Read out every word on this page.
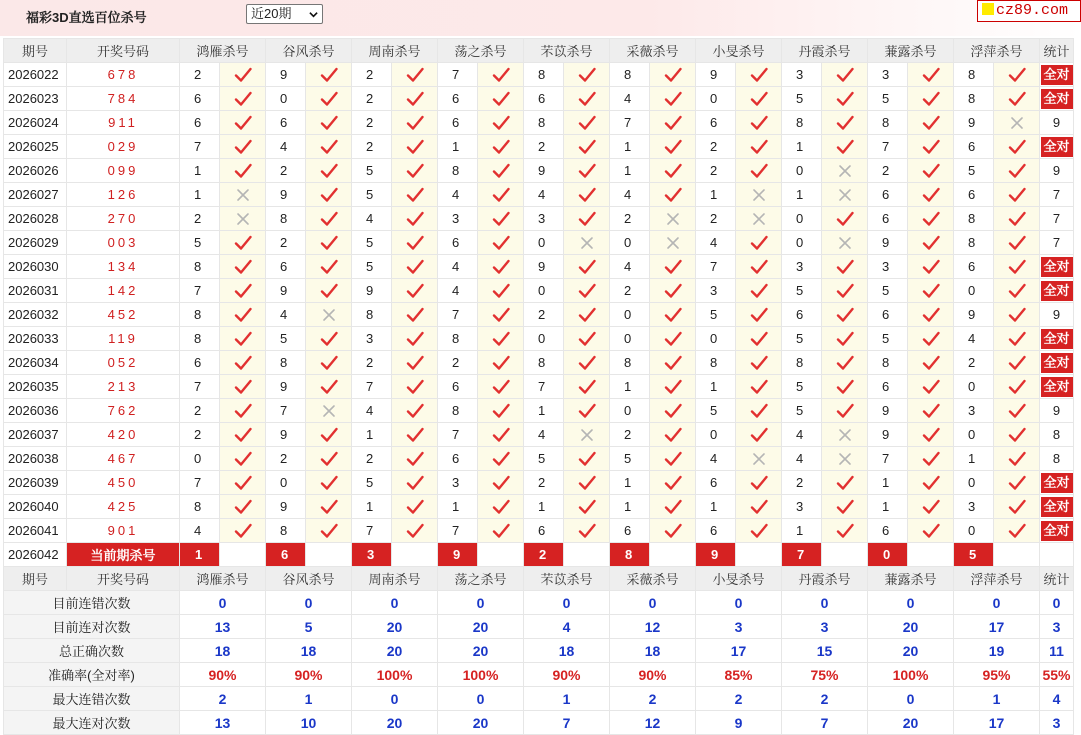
福彩3D直选百位杀号	近20期	cz89.com
期号	开奖号码	鸿雁杀号		谷风杀号		周南杀号		荡之杀号		芣苡杀号		采薇杀号		小旻杀号		丹霞杀号		蒹露杀号		浮萍杀号		统计
2026022	678	2		9		2		7		8		8		9		3		3		8		全对
2026023	784	6		0		2		6		6		4		0		5		5		8		全对
2026024	911	6		6		2		6		8		7		6		8		8		9		9
2026025	029	7		4		2		1		2		1		2		1		7		6		全对
2026026	099	1		2		5		8		9		1		2		0		2		5		9
2026027	126	1		9		5		4		4		4		1		1		6		6		7
2026028	270	2		8		4		3		3		2		2		0		6		8		7
2026029	003	5		2		5		6		0		0		4		0		9		8		7
2026030	134	8		6		5		4		9		4		7		3		3		6		全对
2026031	142	7		9		9		4		0		2		3		5		5		0		全对
2026032	452	8		4		8		7		2		0		5		6		6		9		9
2026033	119	8		5		3		8		0		0		0		5		5		4		全对
2026034	052	6		8		2		2		8		8		8		8		8		2		全对
2026035	213	7		9		7		6		7		1		1		5		6		0		全对
2026036	762	2		7		4		8		1		0		5		5		9		3		9
2026037	420	2		9		1		7		4		2		0		4		9		0		8
2026038	467	0		2		2		6		5		5		4		4		7		1		8
2026039	450	7		0		5		3		2		1		6		2		1		0		全对
2026040	425	8		9		1		1		1		1		1		3		1		3		全对
2026041	901	4		8		7		7		6		6		6		1		6		0		全对
2026042	当前期杀号	1		6		3		9		2		8		9		7		0		5		
期号	开奖号码	鸿雁杀号		谷风杀号		周南杀号		荡之杀号		芣苡杀号		采薇杀号		小旻杀号		丹霞杀号		蒹露杀号		浮萍杀号		统计
目前连错次数		0		0		0		0		0		0		0		0		0		0		0
目前连对次数		13		5		20		20		4		12		3		3		20		17		3
总正确次数		18		18		20		20		18		18		17		15		20		19		11
准确率(全对率)		90%		90%		100%		100%		90%		90%		85%		75%		100%		95%		55%
最大连错次数		2		1		0		0		1		2		2		2		0		1		4
最大连对次数		13		10		20		20		7		12		9		7		20		17		3
